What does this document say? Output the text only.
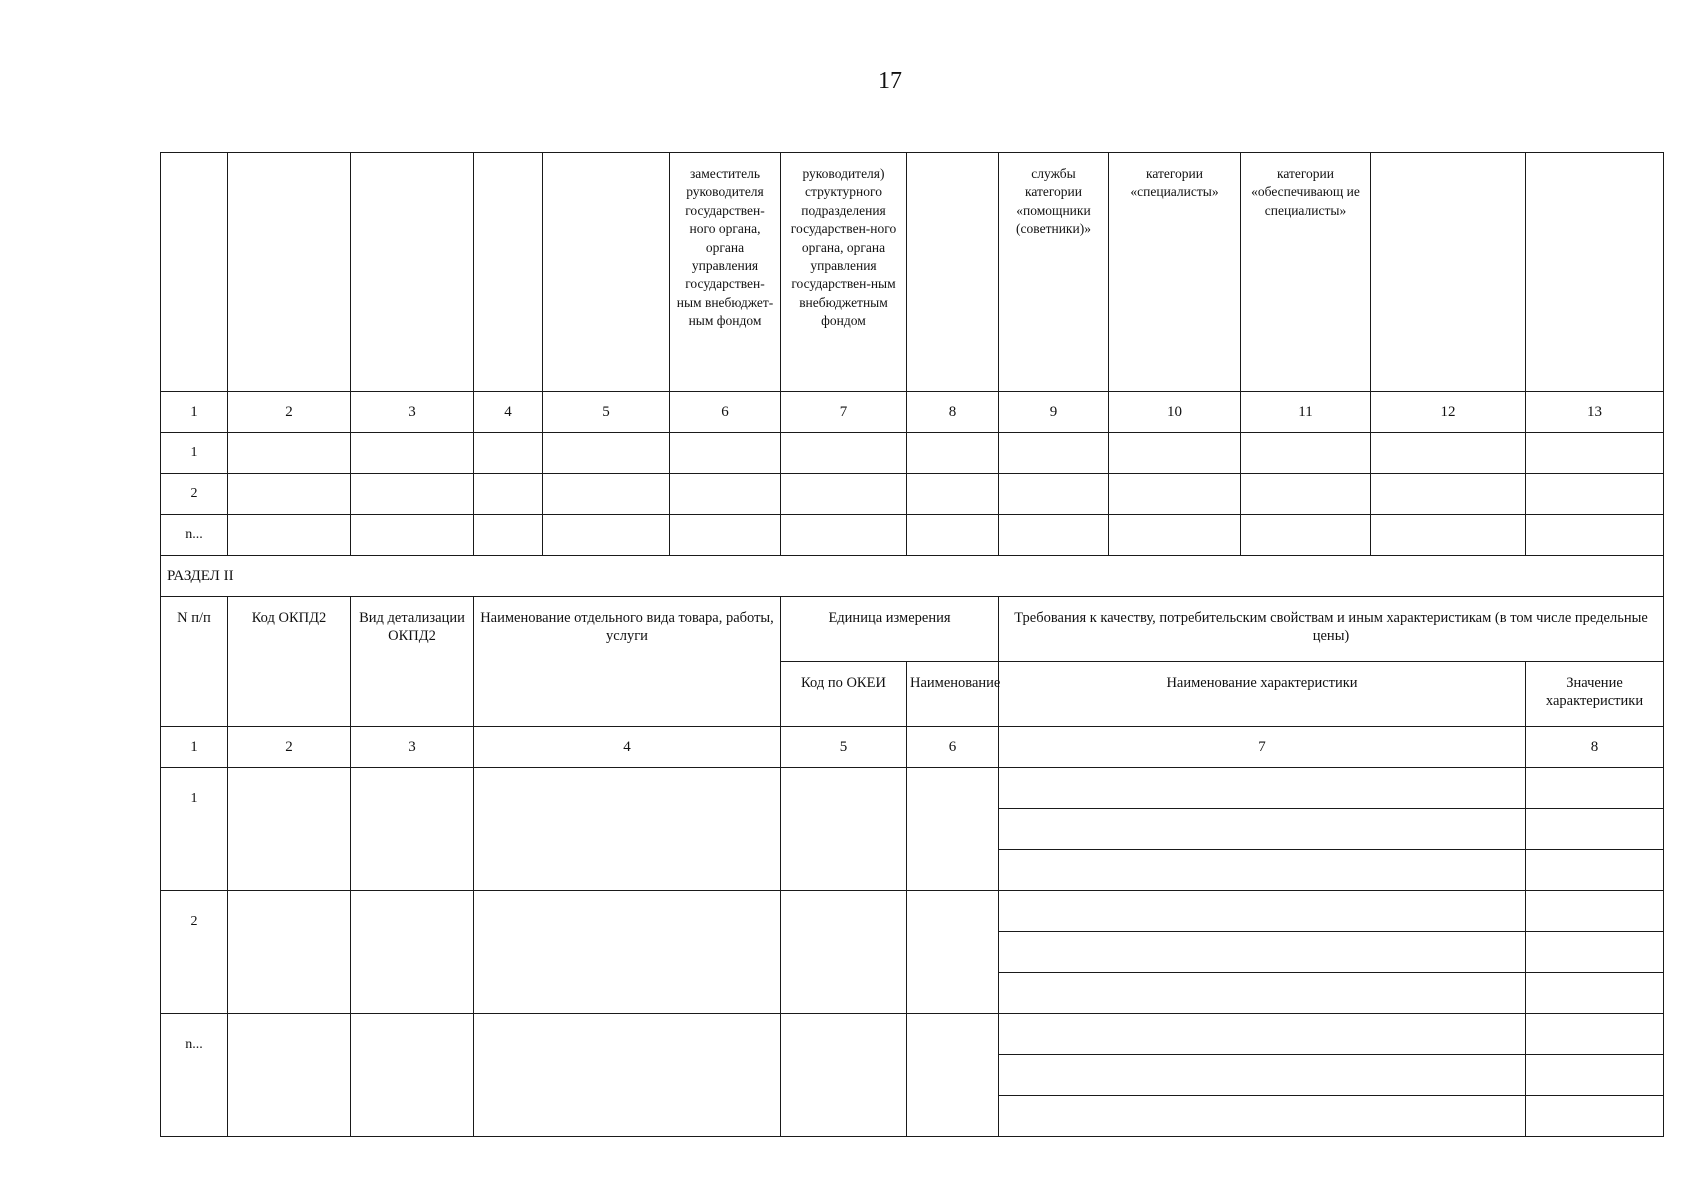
17
					заместитель руководителя государствен-ного органа, органа управления государствен-ным внебюджет-ным фондом	руководителя) структурного подразделения государствен-ного органа, органа управления государствен-ным внебюджетным фондом		службы категории «помощники (советники)»	категории «специалисты»	категории «обеспечивающ ие специалисты»		
1	2	3	4	5	6	7	8	9	10	11	12	13
1												
2												
n...												
РАЗДЕЛ II												
N п/п	Код ОКПД2	Вид детализации ОКПД2	Наименование отдельного вида товара, работы, услуги			Единица измерения		Требования к качеству, потребительским свойствам и иным характеристикам (в том числе предельные цены)				
						Код по ОКЕИ	Наименование	Наименование характеристики				Значение характеристики
1	2	3	4			5	6	7				8
1												

2												

n...												
